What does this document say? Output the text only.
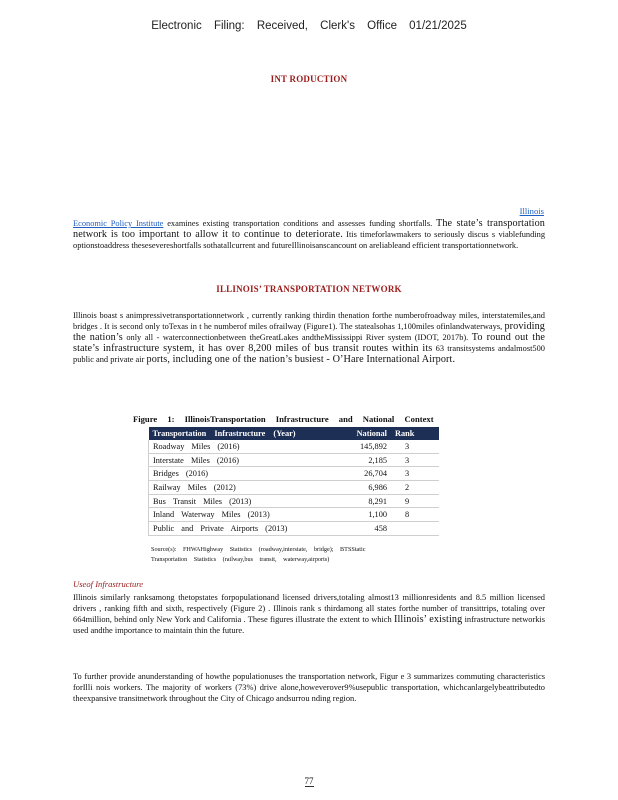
Electronic Filing: Received, Clerk's Office 01/21/2025
INT RODUCTION
Illinois
Economic Policy Institute examines existing transportation conditions and assesses funding shortfalls. The state’s transportation network is too important to allow it to continue to deteriorate. Itis timeforlawmakers to seriously discus s viablefunding optionstoaddress thesesevereshortfalls sothatallcurrent and futureIllinoisanscancount on areliableand efficient transportationnetwork.
ILLINOIS’ TRANSPORTATION NETWORK
Illinois boast s animpressivetransportationnetwork , currently ranking thirdin thenation forthe numberofroadway miles, interstatemiles,and bridges . It is second only toTexas in t he numberof miles ofrailway (Figure1). The statealsohas 1,100miles ofinlandwaterways, providing the nation’s only all - waterconnectionbetween theGreatLakes andtheMississippi River system (IDOT, 2017b). To round out the state’s infrastructure system, it has over 8,200 miles of bus transit routes within its 63 transitsystems andalmost500 public and private air ports, including one of the nation’s busiest - O’Hare International Airport.
Figure 1: IllinoisTransportation Infrastructure and National Context
Transportation Infrastructure (Year)	National	Rank
Roadway Miles (2016)	145,892	3
Interstate Miles (2016)	2,185	3
Bridges (2016)	26,704	3
Railway Miles (2012)	6,986	2
Bus Transit Miles (2013)	8,291	9
Inland Waterway Miles (2013)	1,100	8
Public and Private Airports (2013)	458	
Source(s): FHWAHighway Statistics (roadway,interstate, bridge); BTSStatic
Transportation Statistics (railway,bus transit, waterway,airports)
Useof Infrastructure
Illinois similarly ranksamong thetopstates forpopulationand licensed drivers,totaling almost13 millionresidents and 8.5 million licensed drivers , ranking fifth and sixth, respectively (Figure 2) . Illinois rank s thirdamong all states forthe number of transittrips, totaling over 664million, behind only New York and California . These figures illustrate the extent to which Illinois’ existing infrastructure networkis used andthe importance to maintain thin the future.
To further provide anunderstanding of howthe populationuses the transportation network, Figur e 3 summarizes commuting characteristics forIlli nois workers. The majority of workers (73%) drive alone,howeverover9%usepublic transportation, whichcanlargelybeattributedto theexpansive transitnetwork throughout the City of Chicago andsurrou nding region.
77
